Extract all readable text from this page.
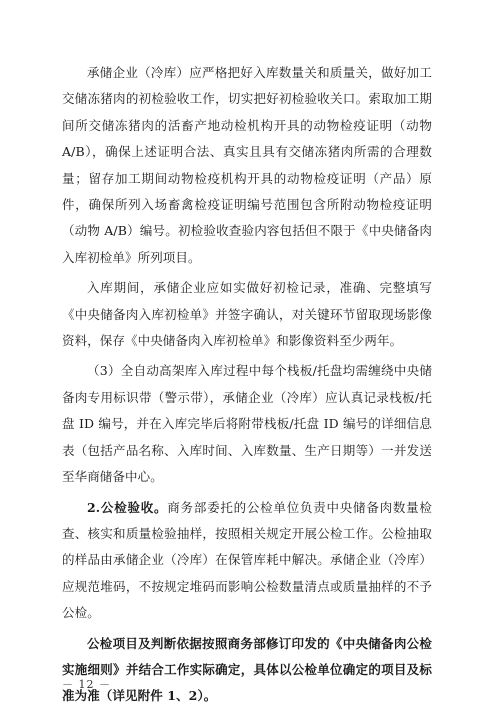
承储企业（冷库）应严格把好入库数量关和质量关，做好加工交储冻猪肉的初检验收工作，切实把好初检验收关口。索取加工期间所交储冻猪肉的活畜产地动检机构开具的动物检疫证明（动物 A/B），确保上述证明合法、真实且具有交储冻猪肉所需的合理数量；留存加工期间动物检疫机构开具的动物检疫证明（产品）原件，确保所列入场畜禽检疫证明编号范围包含所附动物检疫证明（动物 A/B）编号。初检验收查验内容包括但不限于《中央储备肉入库初检单》所列项目。

入库期间，承储企业应如实做好初检记录，准确、完整填写《中央储备肉入库初检单》并签字确认，对关键环节留取现场影像资料，保存《中央储备肉入库初检单》和影像资料至少两年。

（3）全自动高架库入库过程中每个栈板/托盘均需缠绕中央储备肉专用标识带（警示带），承储企业（冷库）应认真记录栈板/托盘 ID 编号，并在入库完毕后将附带栈板/托盘 ID 编号的详细信息表（包括产品名称、入库时间、入库数量、生产日期等）一并发送至华商储备中心。

2.公检验收。商务部委托的公检单位负责中央储备肉数量检查、核实和质量检验抽样，按照相关规定开展公检工作。公检抽取的样品由承储企业（冷库）在保管库耗中解决。承储企业（冷库）应规范堆码，不按规定堆码而影响公检数量清点或质量抽样的不予公检。

公检项目及判断依据按照商务部修订印发的《中央储备肉公检实施细则》并结合工作实际确定，具体以公检单位确定的项目及标准为准（详见附件 1、2）。

－ 12 －
